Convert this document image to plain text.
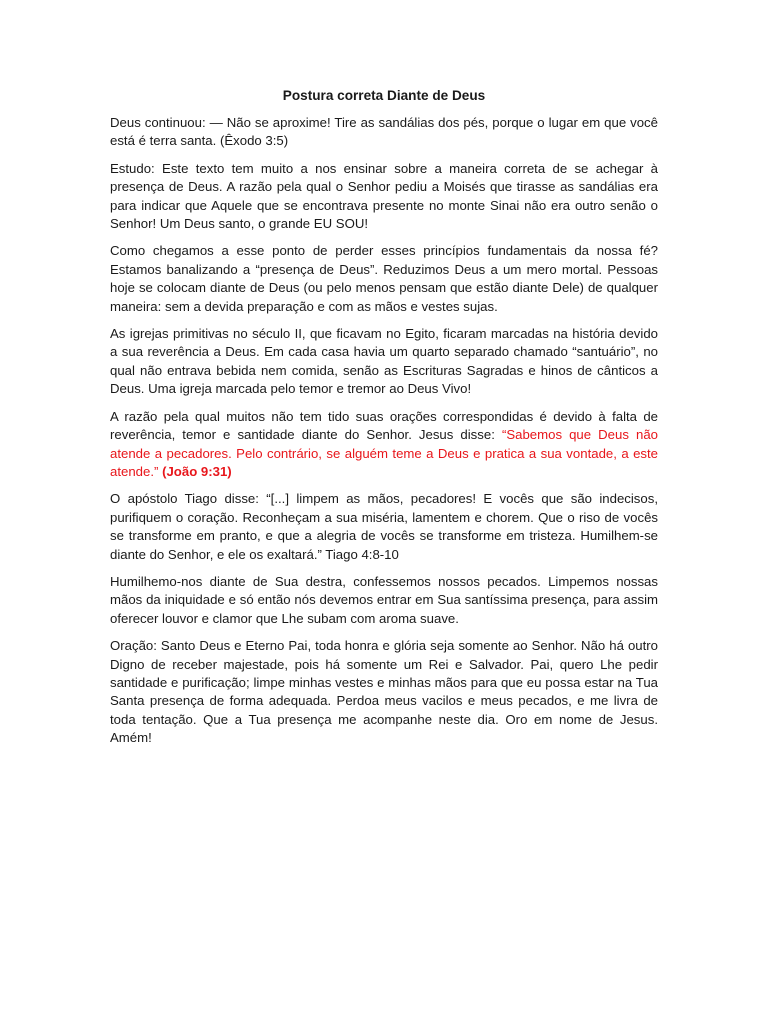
Postura correta Diante de Deus

Deus continuou: — Não se aproxime! Tire as sandálias dos pés, porque o lugar em que você está é terra santa. (Êxodo 3:5)

Estudo: Este texto tem muito a nos ensinar sobre a maneira correta de se achegar à presença de Deus. A razão pela qual o Senhor pediu a Moisés que tirasse as sandálias era para indicar que Aquele que se encontrava presente no monte Sinai não era outro senão o Senhor! Um Deus santo, o grande EU SOU!

Como chegamos a esse ponto de perder esses princípios fundamentais da nossa fé? Estamos banalizando a “presença de Deus”. Reduzimos Deus a um mero mortal. Pessoas hoje se colocam diante de Deus (ou pelo menos pensam que estão diante Dele) de qualquer maneira: sem a devida preparação e com as mãos e vestes sujas.

As igrejas primitivas no século II, que ficavam no Egito, ficaram marcadas na história devido a sua reverência a Deus. Em cada casa havia um quarto separado chamado “santuário”, no qual não entrava bebida nem comida, senão as Escrituras Sagradas e hinos de cânticos a Deus. Uma igreja marcada pelo temor e tremor ao Deus Vivo!

A razão pela qual muitos não tem tido suas orações correspondidas é devido à falta de reverência, temor e santidade diante do Senhor. Jesus disse: “Sabemos que Deus não atende a pecadores. Pelo contrário, se alguém teme a Deus e pratica a sua vontade, a este atende.” (João 9:31)

O apóstolo Tiago disse: “[...] limpem as mãos, pecadores! E vocês que são indecisos, purifiquem o coração. Reconheçam a sua miséria, lamentem e chorem. Que o riso de vocês se transforme em pranto, e que a alegria de vocês se transforme em tristeza. Humilhem-se diante do Senhor, e ele os exaltará.” Tiago 4:8-10

Humilhemo-nos diante de Sua destra, confessemos nossos pecados. Limpemos nossas mãos da iniquidade e só então nós devemos entrar em Sua santíssima presença, para assim oferecer louvor e clamor que Lhe subam com aroma suave.

Oração: Santo Deus e Eterno Pai, toda honra e glória seja somente ao Senhor. Não há outro Digno de receber majestade, pois há somente um Rei e Salvador. Pai, quero Lhe pedir santidade e purificação; limpe minhas vestes e minhas mãos para que eu possa estar na Tua Santa presença de forma adequada. Perdoa meus vacilos e meus pecados, e me livra de toda tentação. Que a Tua presença me acompanhe neste dia. Oro em nome de Jesus. Amém!
